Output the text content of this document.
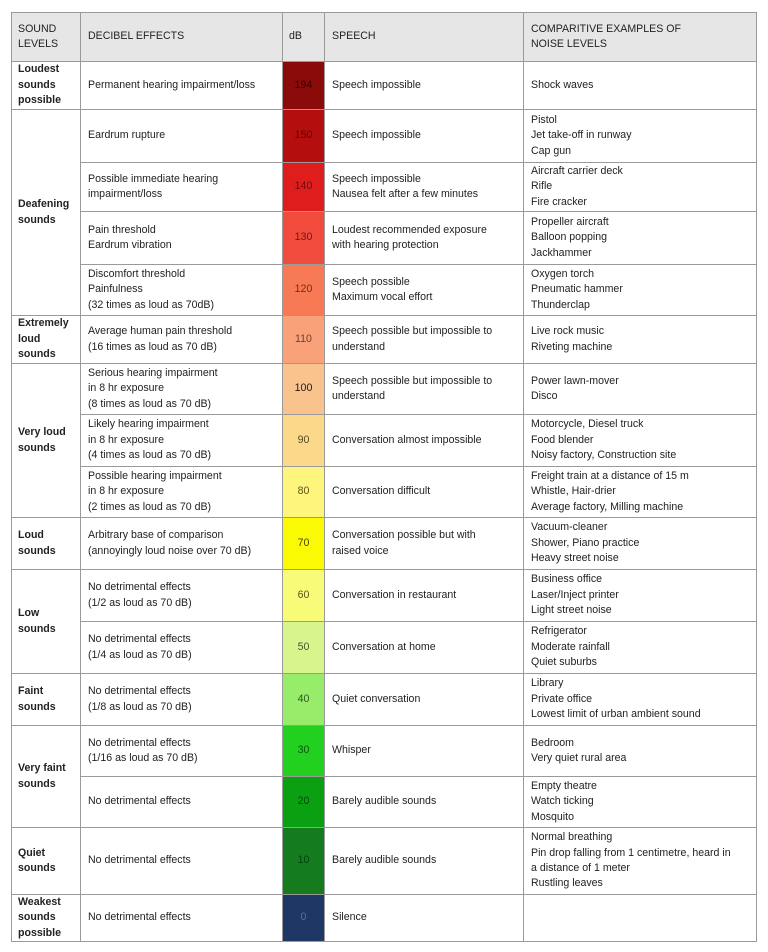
SOUND
LEVELS	DECIBEL EFFECTS	dB	SPEECH	COMPARITIVE EXAMPLES OF
NOISE LEVELS

Loudest
sounds
possible	Permanent hearing impairment/loss	194	Speech impossible	Shock waves

Deafening
sounds	Eardrum rupture	150	Speech impossible	Pistol
Jet take-off in runway
Cap gun

	Possible immediate hearing
impairment/loss	140	Speech impossible
Nausea felt after a few minutes	Aircraft carrier deck
Rifle
Fire cracker

	Pain threshold
Eardrum vibration	130	Loudest recommended exposure
with hearing protection	Propeller aircraft
Balloon popping
Jackhammer

	Discomfort threshold
Painfulness
(32 times as loud as 70dB)	120	Speech possible
Maximum vocal effort	Oxygen torch
Pneumatic hammer
Thunderclap

Extremely
loud
sounds	Average human pain threshold
(16 times as loud as 70 dB)	110	Speech possible but impossible to
understand	Live rock music
Riveting machine

Very loud
sounds	Serious hearing impairment
in 8 hr exposure
(8 times as loud as 70 dB)	100	Speech possible but impossible to
understand	Power lawn-mover
Disco

	Likely hearing impairment
in 8 hr exposure
(4 times as loud as 70 dB)	90	Conversation almost impossible	Motorcycle, Diesel truck
Food blender
Noisy factory, Construction site

	Possible hearing impairment
in 8 hr exposure
(2 times as loud as 70 dB)	80	Conversation difficult	Freight train at a distance of 15 m
Whistle, Hair-drier
Average factory, Milling machine

Loud
sounds	Arbitrary base of comparison
(annoyingly loud noise over 70 dB)	70	Conversation possible but with
raised voice	Vacuum-cleaner
Shower, Piano practice
Heavy street noise

Low
sounds	No detrimental effects
(1/2 as loud as 70 dB)	60	Conversation in restaurant	Business office
Laser/Inject printer
Light street noise

	No detrimental effects
(1/4 as loud as 70 dB)	50	Conversation at home	Refrigerator
Moderate rainfall
Quiet suburbs

Faint
sounds	No detrimental effects
(1/8 as loud as 70 dB)	40	Quiet conversation	Library
Private office
Lowest limit of urban ambient sound

Very faint
sounds	No detrimental effects
(1/16 as loud as 70 dB)	30	Whisper	Bedroom
Very quiet rural area

	No detrimental effects	20	Barely audible sounds	Empty theatre
Watch ticking
Mosquito

Quiet
sounds	No detrimental effects	10	Barely audible sounds	Normal breathing
Pin drop falling from 1 centimetre, heard in
a distance of 1 meter
Rustling leaves

Weakest
sounds
possible	No detrimental effects	0	Silence	
